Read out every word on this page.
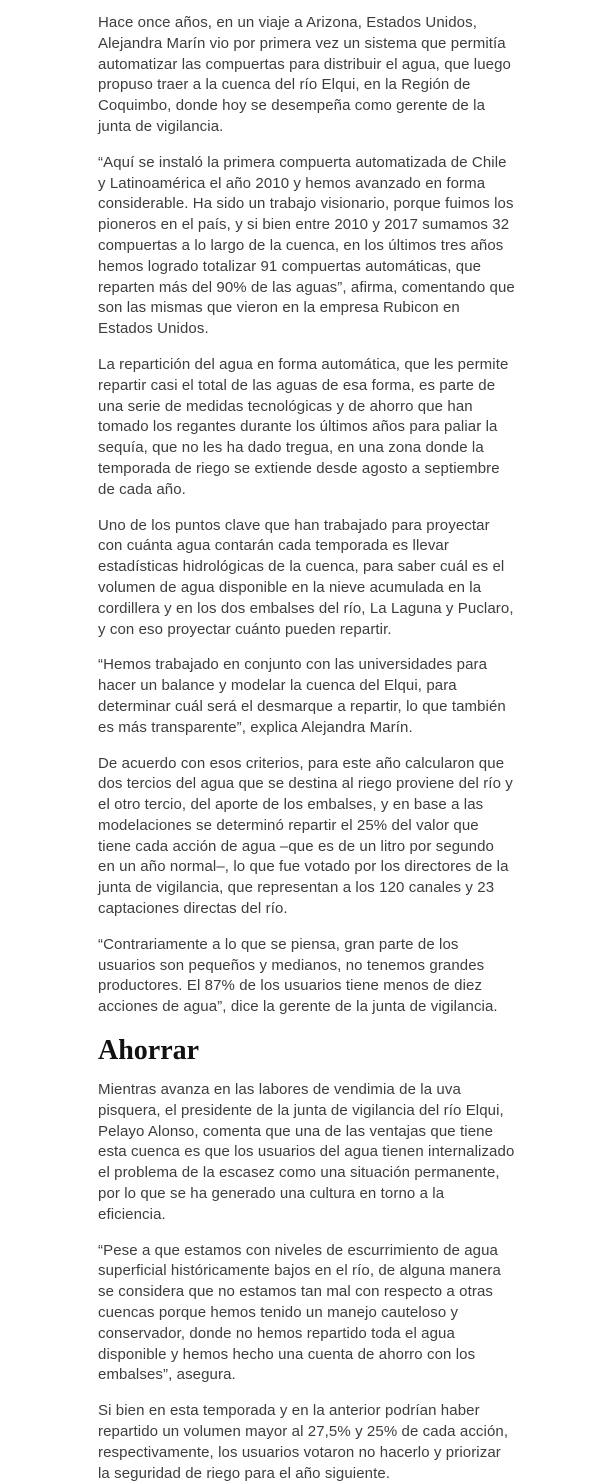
Hace once años, en un viaje a Arizona, Estados Unidos, Alejandra Marín vio por primera vez un sistema que permitía automatizar las compuertas para distribuir el agua, que luego propuso traer a la cuenca del río Elqui, en la Región de Coquimbo, donde hoy se desempeña como gerente de la junta de vigilancia.

“Aquí se instaló la primera compuerta automatizada de Chile y Latinoamérica el año 2010 y hemos avanzado en forma considerable. Ha sido un trabajo visionario, porque fuimos los pioneros en el país, y si bien entre 2010 y 2017 sumamos 32 compuertas a lo largo de la cuenca, en los últimos tres años hemos logrado totalizar 91 compuertas automáticas, que reparten más del 90% de las aguas”, afirma, comentando que son las mismas que vieron en la empresa Rubicon en Estados Unidos.

La repartición del agua en forma automática, que les permite repartir casi el total de las aguas de esa forma, es parte de una serie de medidas tecnológicas y de ahorro que han tomado los regantes durante los últimos años para paliar la sequía, que no les ha dado tregua, en una zona donde la temporada de riego se extiende desde agosto a septiembre de cada año.

Uno de los puntos clave que han trabajado para proyectar con cuánta agua contarán cada temporada es llevar estadísticas hidrológicas de la cuenca, para saber cuál es el volumen de agua disponible en la nieve acumulada en la cordillera y en los dos embalses del río, La Laguna y Puclaro, y con eso proyectar cuánto pueden repartir.

“Hemos trabajado en conjunto con las universidades para hacer un balance y modelar la cuenca del Elqui, para determinar cuál será el desmarque a repartir, lo que también es más transparente”, explica Alejandra Marín.

De acuerdo con esos criterios, para este año calcularon que dos tercios del agua que se destina al riego proviene del río y el otro tercio, del aporte de los embalses, y en base a las modelaciones se determinó repartir el 25% del valor que tiene cada acción de agua –que es de un litro por segundo en un año normal–, lo que fue votado por los directores de la junta de vigilancia, que representan a los 120 canales y 23 captaciones directas del río.

“Contrariamente a lo que se piensa, gran parte de los usuarios son pequeños y medianos, no tenemos grandes productores. El 87% de los usuarios tiene menos de diez acciones de agua”, dice la gerente de la junta de vigilancia.

Ahorrar

Mientras avanza en las labores de vendimia de la uva pisquera, el presidente de la junta de vigilancia del río Elqui, Pelayo Alonso, comenta que una de las ventajas que tiene esta cuenca es que los usuarios del agua tienen internalizado el problema de la escasez como una situación permanente, por lo que se ha generado una cultura en torno a la eficiencia.

“Pese a que estamos con niveles de escurrimiento de agua superficial históricamente bajos en el río, de alguna manera se considera que no estamos tan mal con respecto a otras cuencas porque hemos tenido un manejo cauteloso y conservador, donde no hemos repartido toda el agua disponible y hemos hecho una cuenta de ahorro con los embalses”, asegura.

Si bien en esta temporada y en la anterior podrían haber repartido un volumen mayor al 27,5% y 25% de cada acción, respectivamente, los usuarios votaron no hacerlo y priorizar la seguridad de riego para el año siguiente.
